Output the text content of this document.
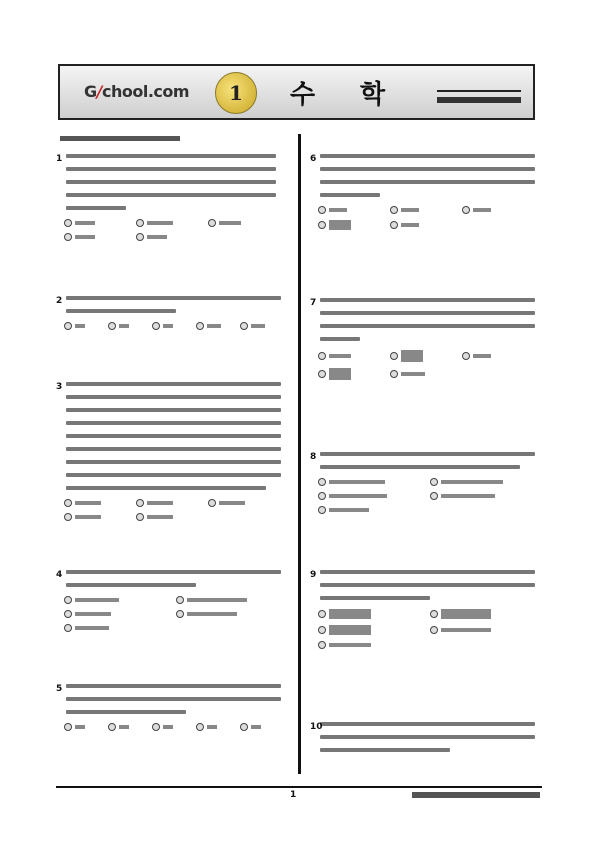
G/chool.com	1	수 학

1
2
3
4
5
6
7
8
9
10
1
